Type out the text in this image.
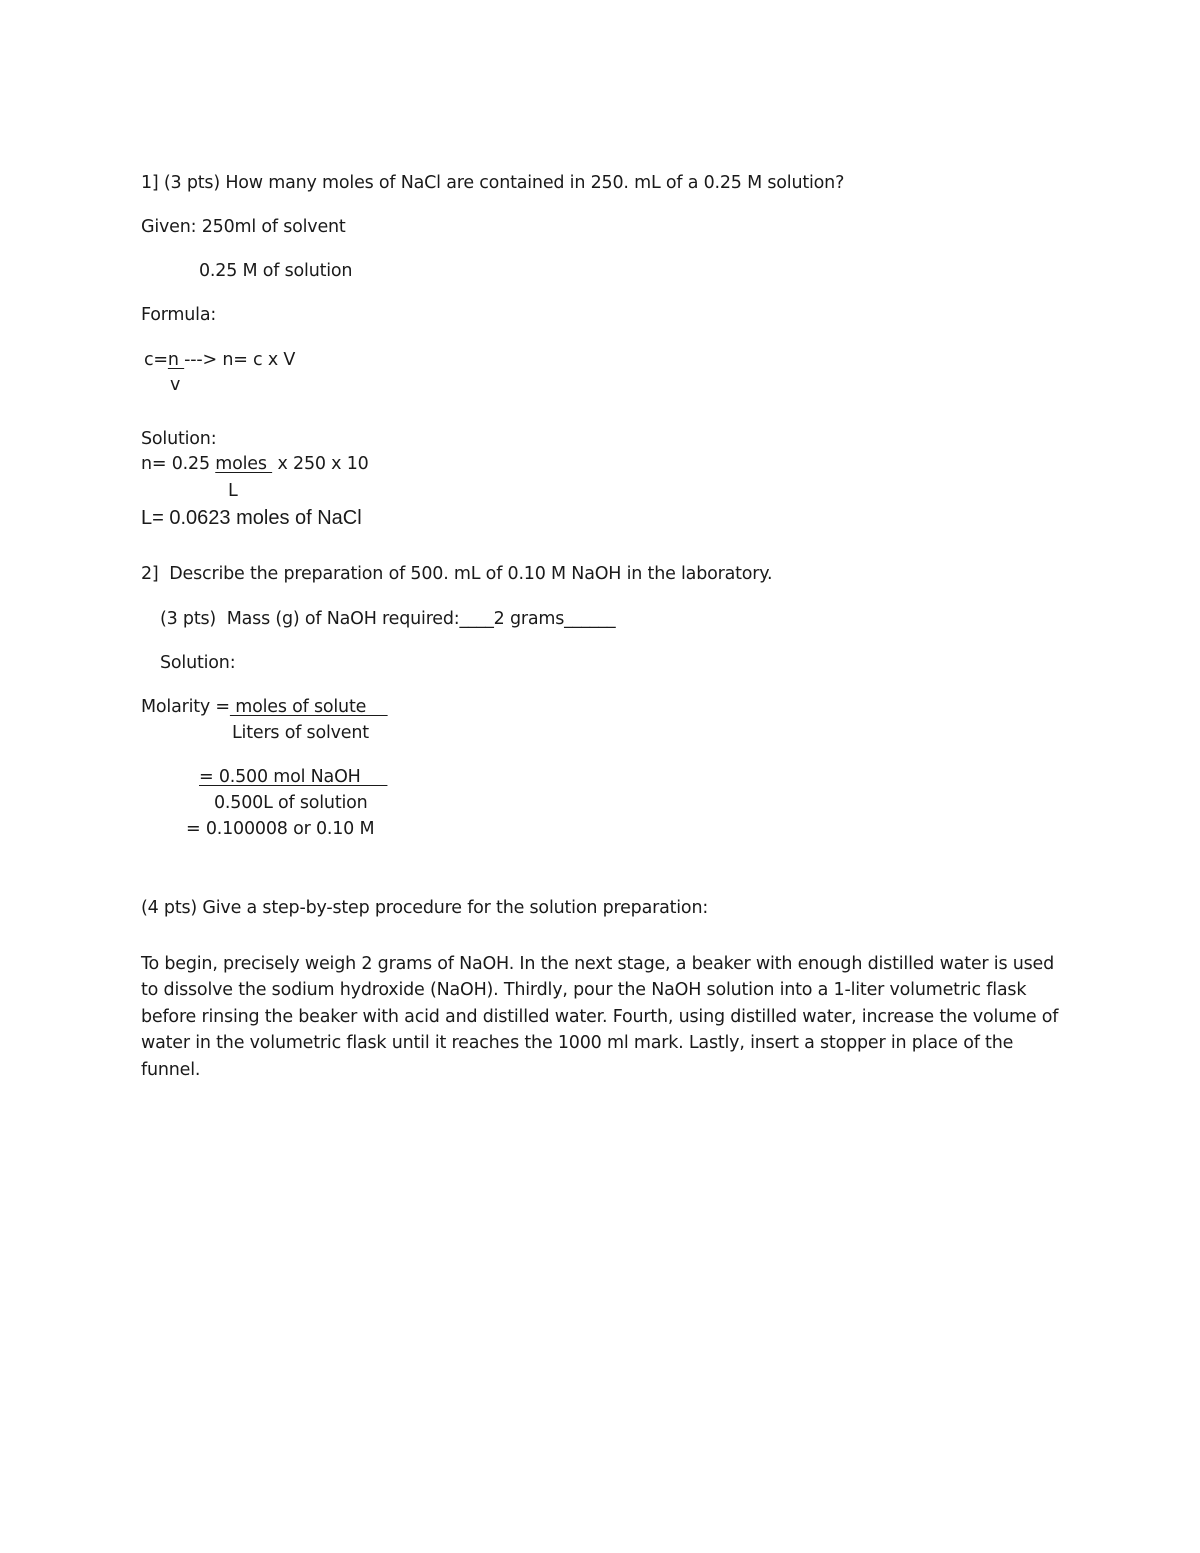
1] (3 pts) How many moles of NaCl are contained in 250. mL of a 0.25 M solution?
Given: 250ml of solvent
0.25 M of solution
Formula:
c=n ---> n= c x V
v
Solution:
n= 0.25 moles  x 250 x 10
L
L= 0.0623 moles of NaCl
2]  Describe the preparation of 500. mL of 0.10 M NaOH in the laboratory.
(3 pts)  Mass (g) of NaOH required:____2 grams______
Solution:
Molarity = moles of solute
Liters of solvent
= 0.500 mol NaOH
0.500L of solution
= 0.100008 or 0.10 M
(4 pts) Give a step-by-step procedure for the solution preparation:
To begin, precisely weigh 2 grams of NaOH. In the next stage, a beaker with enough distilled water is used to dissolve the sodium hydroxide (NaOH). Thirdly, pour the NaOH solution into a 1-liter volumetric flask before rinsing the beaker with acid and distilled water. Fourth, using distilled water, increase the volume of water in the volumetric flask until it reaches the 1000 ml mark. Lastly, insert a stopper in place of the funnel.
